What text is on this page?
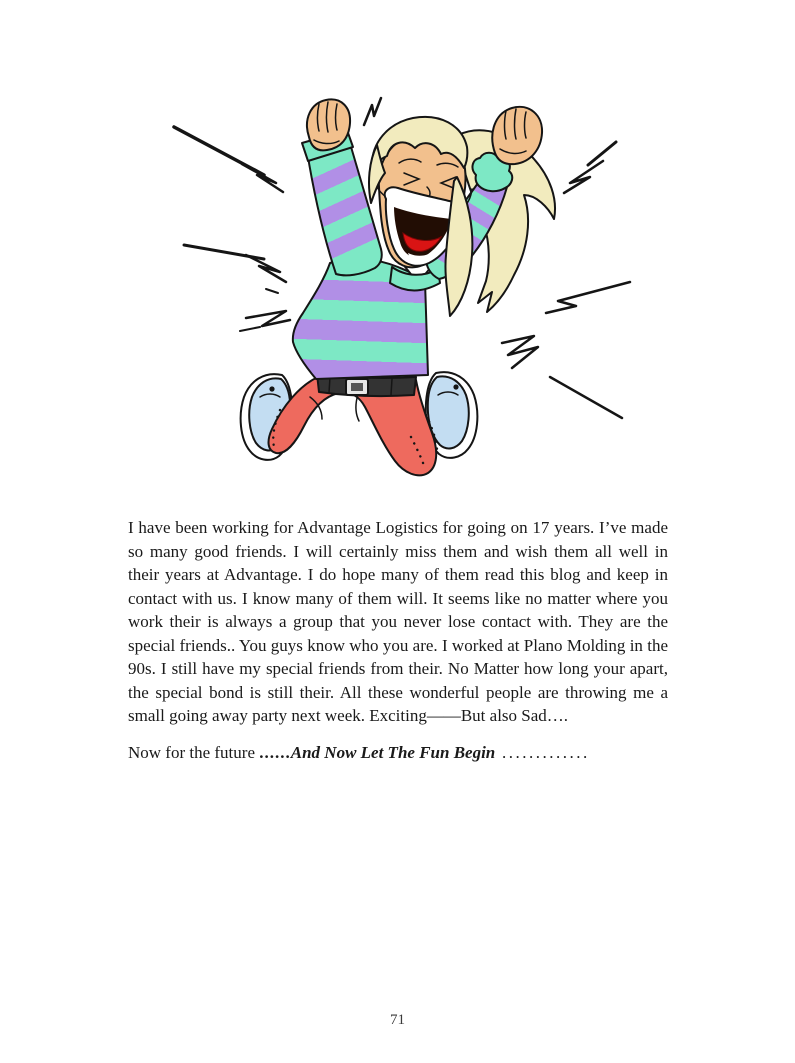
I have been working for Advantage Logistics for going on 17 years. I’ve made so many good friends. I will certainly miss them and wish them all well in their years at Advantage. I do hope many of them read this blog and keep in contact with us. I know many of them will. It seems like no matter where you work their is always a group that you never lose contact with. They are the special friends.. You guys know who you are. I worked at Plano Molding in the 90s. I still have my special friends from their. No Matter how long your apart, the special bond is still their. All these wonderful people are throwing me a small going away party next week. Exciting——But also Sad….

Now for the future ......And Now Let The Fun Begin .............

71
